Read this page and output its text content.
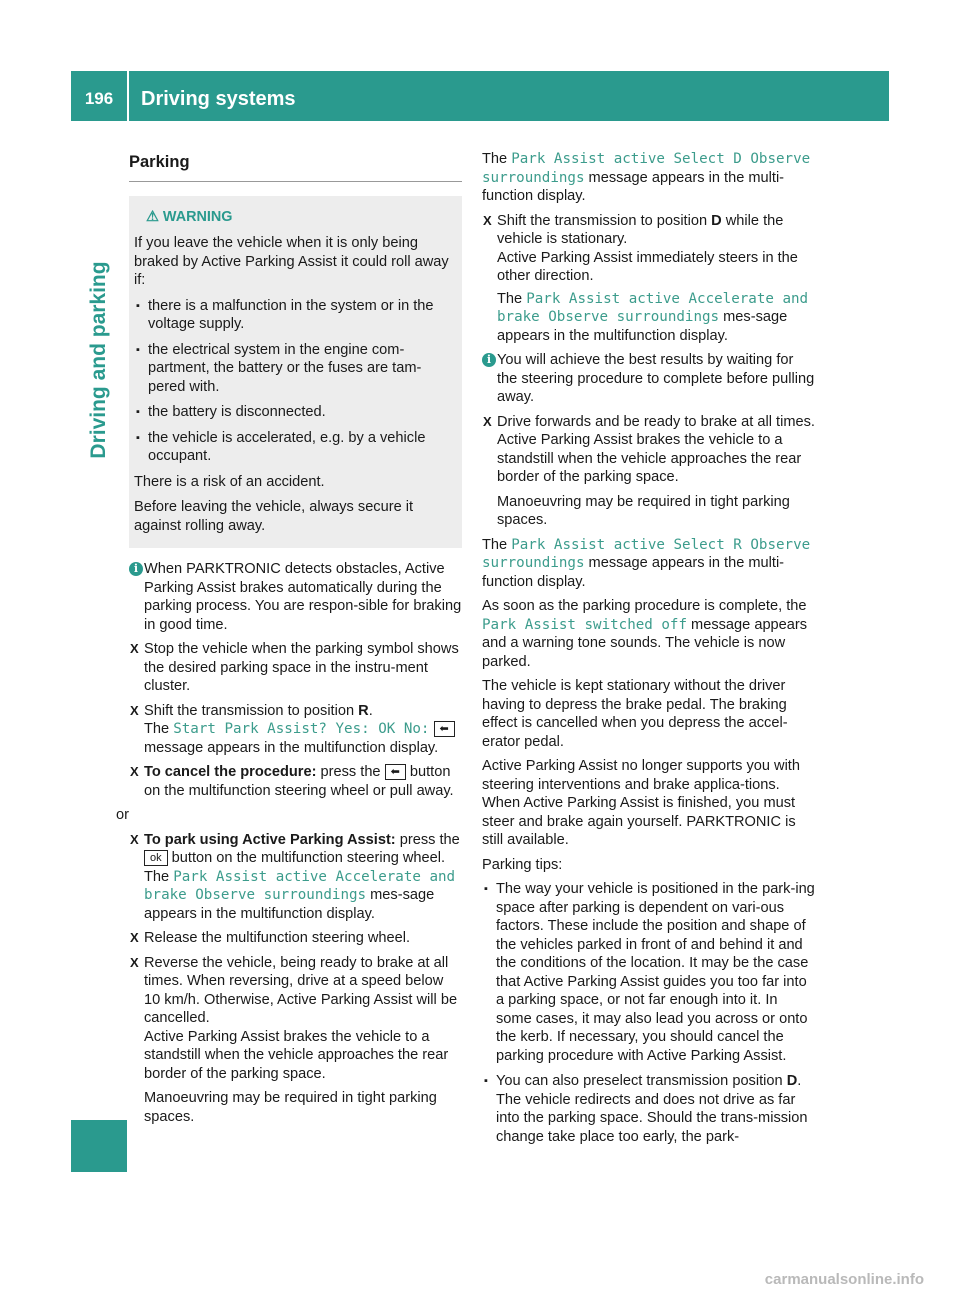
196	Driving systems
Driving and parking
Parking
⚠ WARNING

If you leave the vehicle when it is only being braked by Active Parking Assist it could roll away if:

▪ there is a malfunction in the system or in the voltage supply.
▪ the electrical system in the engine com-partment, the battery or the fuses are tam-pered with.
▪ the battery is disconnected.
▪ the vehicle is accelerated, e.g. by a vehicle occupant.

There is a risk of an accident.

Before leaving the vehicle, always secure it against rolling away.

i When PARKTRONIC detects obstacles, Active Parking Assist brakes automatically during the parking process. You are respon-sible for braking in good time.
X Stop the vehicle when the parking symbol shows the desired parking space in the instru-ment cluster.
X Shift the transmission to position R.
The Start Park Assist? Yes: OK No: ⬅ message appears in the multifunction display.
X To cancel the procedure: press the ⬅ button on the multifunction steering wheel or pull away.
or
X To park using Active Parking Assist: press the ok button on the multifunction steering wheel.
The Park Assist active Accelerate and brake Observe surroundings mes-sage appears in the multifunction display.
X Release the multifunction steering wheel.
X Reverse the vehicle, being ready to brake at all times. When reversing, drive at a speed below 10 km/h. Otherwise, Active Parking Assist will be cancelled.
Active Parking Assist brakes the vehicle to a standstill when the vehicle approaches the rear border of the parking space.
Manoeuvring may be required in tight parking spaces.
The Park Assist active Select D Observe surroundings message appears in the multi-function display.
X Shift the transmission to position D while the vehicle is stationary.
Active Parking Assist immediately steers in the other direction.
The Park Assist active Accelerate and brake Observe surroundings mes-sage appears in the multifunction display.
i You will achieve the best results by waiting for the steering procedure to complete before pulling away.
X Drive forwards and be ready to brake at all times.
Active Parking Assist brakes the vehicle to a standstill when the vehicle approaches the rear border of the parking space.
Manoeuvring may be required in tight parking spaces.
The Park Assist active Select R Observe surroundings message appears in the multi-function display.
As soon as the parking procedure is complete, the Park Assist switched off message appears and a warning tone sounds. The vehicle is now parked.
The vehicle is kept stationary without the driver having to depress the brake pedal. The braking effect is cancelled when you depress the accel-erator pedal.
Active Parking Assist no longer supports you with steering interventions and brake applica-tions. When Active Parking Assist is finished, you must steer and brake again yourself. PARKTRONIC is still available.
Parking tips:
▪ The way your vehicle is positioned in the park-ing space after parking is dependent on vari-ous factors. These include the position and shape of the vehicles parked in front of and behind it and the conditions of the location. It may be the case that Active Parking Assist guides you too far into a parking space, or not far enough into it. In some cases, it may also lead you across or onto the kerb. If necessary, you should cancel the parking procedure with Active Parking Assist.
▪ You can also preselect transmission position D. The vehicle redirects and does not drive as far into the parking space. Should the trans-mission change take place too early, the park-
carmanualsonline.info
